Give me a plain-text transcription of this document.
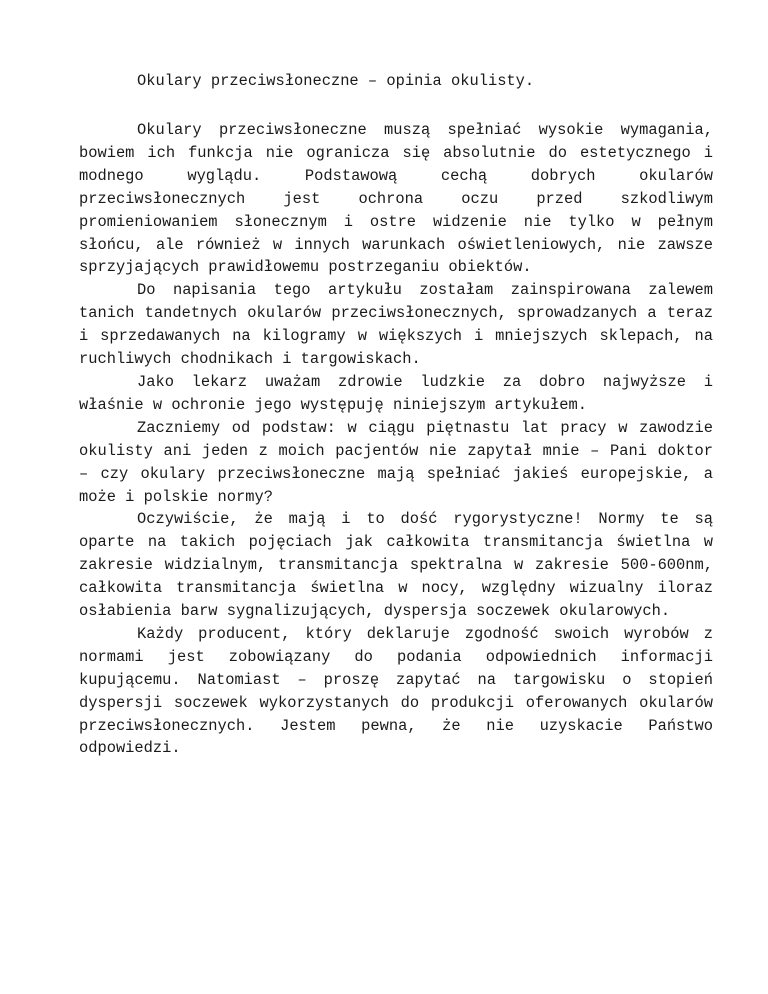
Okulary przeciwsłoneczne – opinia okulisty.

Okulary przeciwsłoneczne muszą spełniać wysokie wymagania, bowiem ich funkcja nie ogranicza się absolutnie do estetycznego i modnego wyglądu. Podstawową cechą dobrych okularów przeciwsłonecznych jest ochrona oczu przed szkodliwym promieniowaniem słonecznym i ostre widzenie nie tylko w pełnym słońcu, ale również w innych warunkach oświetleniowych, nie zawsze sprzyjających prawidłowemu postrzeganiu obiektów.

Do napisania tego artykułu zostałam zainspirowana zalewem tanich tandetnych okularów przeciwsłonecznych, sprowadzanych a teraz i sprzedawanych na kilogramy w większych i mniejszych sklepach, na ruchliwych chodnikach i targowiskach.

Jako lekarz uważam zdrowie ludzkie za dobro najwyższe i właśnie w ochronie jego występuję niniejszym artykułem.

Zaczniemy od podstaw: w ciągu piętnastu lat pracy w zawodzie okulisty ani jeden z moich pacjentów nie zapytał mnie – Pani doktor – czy okulary przeciwsłoneczne mają spełniać jakieś europejskie, a może i polskie normy?

Oczywiście, że mają i to dość rygorystyczne! Normy te są oparte na takich pojęciach jak całkowita transmitancja świetlna w zakresie widzialnym, transmitancja spektralna w zakresie 500-600nm, całkowita transmitancja świetlna w nocy, względny wizualny iloraz osłabienia barw sygnalizujących, dyspersja soczewek okularowych.

Każdy producent, który deklaruje zgodność swoich wyrobów z normami jest zobowiązany do podania odpowiednich informacji kupującemu. Natomiast – proszę zapytać na targowisku o stopień dyspersji soczewek wykorzystanych do produkcji oferowanych okularów przeciwsłonecznych. Jestem pewna, że nie uzyskacie Państwo odpowiedzi.
